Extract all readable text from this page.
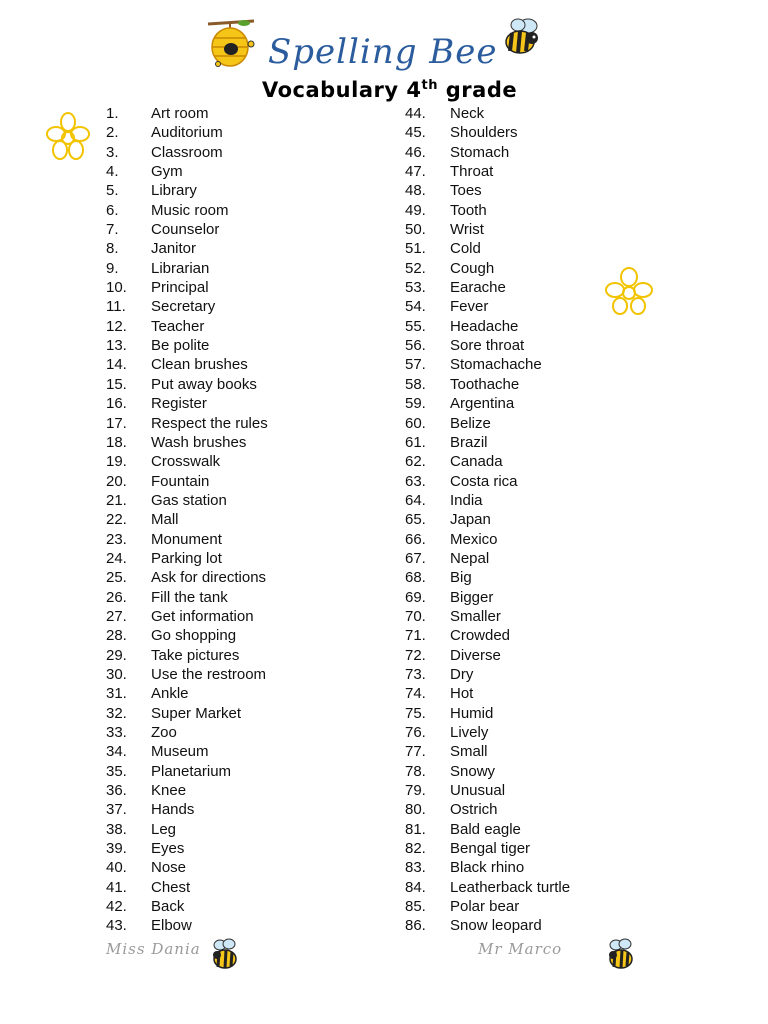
Spelling Bee
Vocabulary 4th grade
1. Art room
2. Auditorium
3. Classroom
4. Gym
5. Library
6. Music room
7. Counselor
8. Janitor
9. Librarian
10. Principal
11. Secretary
12. Teacher
13. Be polite
14. Clean brushes
15. Put away books
16. Register
17. Respect the rules
18. Wash brushes
19. Crosswalk
20. Fountain
21. Gas station
22. Mall
23. Monument
24. Parking lot
25. Ask for directions
26. Fill the tank
27. Get information
28. Go shopping
29. Take pictures
30. Use the restroom
31. Ankle
32. Super Market
33. Zoo
34. Museum
35. Planetarium
36. Knee
37. Hands
38. Leg
39. Eyes
40. Nose
41. Chest
42. Back
43. Elbow
44. Neck
45. Shoulders
46. Stomach
47. Throat
48. Toes
49. Tooth
50. Wrist
51. Cold
52. Cough
53. Earache
54. Fever
55. Headache
56. Sore throat
57. Stomachache
58. Toothache
59. Argentina
60. Belize
61. Brazil
62. Canada
63. Costa rica
64. India
65. Japan
66. Mexico
67. Nepal
68. Big
69. Bigger
70. Smaller
71. Crowded
72. Diverse
73. Dry
74. Hot
75. Humid
76. Lively
77. Small
78. Snowy
79. Unusual
80. Ostrich
81. Bald eagle
82. Bengal tiger
83. Black rhino
84. Leatherback turtle
85. Polar bear
86. Snow leopard
Miss Dania	Mr Marco
